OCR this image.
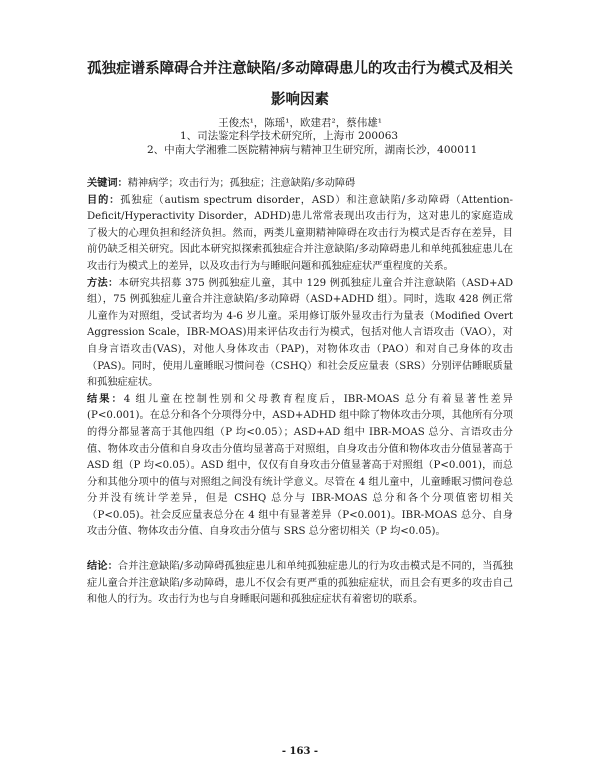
孤独症谱系障碍合并注意缺陷/多动障碍患儿的攻击行为模式及相关
影响因素
王俊杰¹，陈瑶¹，欧建君²，蔡伟雄¹
1、司法鉴定科学技术研究所，上海市 200063
2、中南大学湘雅二医院精神病与精神卫生研究所，湖南长沙，400011

关键词：精神病学；攻击行为；孤独症；注意缺陷/多动障碍

目的：孤独症（autism spectrum disorder，ASD）和注意缺陷/多动障碍（Attention-Deficit/Hyperactivity Disorder，ADHD)患儿常常表现出攻击行为，这对患儿的家庭造成了极大的心理负担和经济负担。然而，两类儿童期精神障碍在攻击行为模式是否存在差异，目前仍缺乏相关研究。因此本研究拟探索孤独症合并注意缺陷/多动障碍患儿和单纯孤独症患儿在攻击行为模式上的差异，以及攻击行为与睡眠问题和孤独症症状严重程度的关系。

方法：本研究共招募 375 例孤独症儿童，其中 129 例孤独症儿童合并注意缺陷（ASD+AD组），75 例孤独症儿童合并注意缺陷/多动障碍（ASD+ADHD 组）。同时，选取 428 例正常儿童作为对照组，受试者均为 4-6 岁儿童。采用修订版外显攻击行为量表（Modified Overt Aggression Scale，IBR-MOAS)用来评估攻击行为模式，包括对他人言语攻击（VAO），对自身言语攻击(VAS)，对他人身体攻击（PAP)，对物体攻击（PAO）和对自己身体的攻击（PAS)。同时，使用儿童睡眠习惯问卷（CSHQ）和社会反应量表（SRS）分别评估睡眠质量和孤独症症状。

结果：4 组儿童在控制性别和父母教育程度后，IBR-MOAS 总分有着显著性差异 (P<0.001)。在总分和各个分项得分中，ASD+ADHD 组中除了物体攻击分项，其他所有分项的得分都显著高于其他四组（P 均<0.05）；ASD+AD 组中 IBR-MOAS 总分、言语攻击分值、物体攻击分值和自身攻击分值均显著高于对照组，自身攻击分值和物体攻击分值显著高于 ASD 组（P 均<0.05）。ASD 组中，仅仅有自身攻击分值显著高于对照组（P<0.001)，而总分和其他分项中的值与对照组之间没有统计学意义。尽管在 4 组儿童中，儿童睡眠习惯问卷总分并没有统计学差异，但是 CSHQ 总分与 IBR-MOAS 总分和各个分项值密切相关（P<0.05)。社会反应量表总分在 4 组中有显著差异（P<0.001)。IBR-MOAS 总分、自身攻击分值、物体攻击分值、自身攻击分值与 SRS 总分密切相关（P 均<0.05)。

结论：合并注意缺陷/多动障碍孤独症患儿和单纯孤独症患儿的行为攻击模式是不同的，当孤独症儿童合并注意缺陷/多动障碍，患儿不仅会有更严重的孤独症症状，而且会有更多的攻击自己和他人的行为。攻击行为也与自身睡眠问题和孤独症症状有着密切的联系。

- 163 -
